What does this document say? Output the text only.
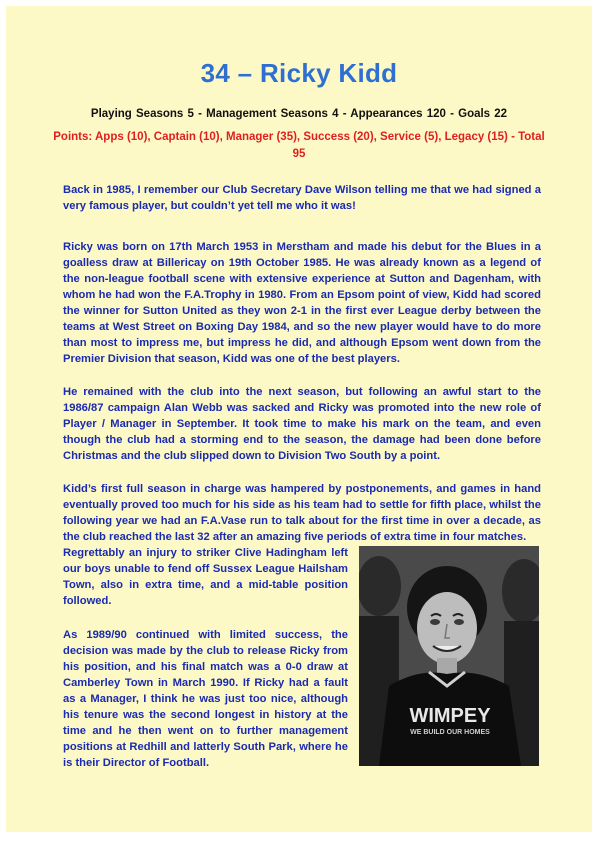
34 – Ricky Kidd
Playing Seasons 5 - Management Seasons 4 - Appearances 120 - Goals 22
Points: Apps (10), Captain (10), Manager (35), Success (20), Service (5), Legacy (15) - Total 95

Back in 1985, I remember our Club Secretary Dave Wilson telling me that we had signed a very famous player, but couldn’t yet tell me who it was!

Ricky was born on 17th March 1953 in Merstham and made his debut for the Blues in a goalless draw at Billericay on 19th October 1985. He was already known as a legend of the non-league football scene with extensive experience at Sutton and Dagenham, with whom he had won the F.A.Trophy in 1980. From an Epsom point of view, Kidd had scored the winner for Sutton United as they won 2-1 in the first ever League derby between the teams at West Street on Boxing Day 1984, and so the new player would have to do more than most to impress me, but impress he did, and although Epsom went down from the Premier Division that season, Kidd was one of the best players.

He remained with the club into the next season, but following an awful start to the 1986/87 campaign Alan Webb was sacked and Ricky was promoted into the new role of Player / Manager in September. It took time to make his mark on the team, and even though the club had a storming end to the season, the damage had been done before Christmas and the club slipped down to Division Two South by a point.

Kidd’s first full season in charge was hampered by postponements, and games in hand eventually proved too much for his side as his team had to settle for fifth place, whilst the following year we had an F.A.Vase run to talk about for the first time in over a decade, as the club reached the last 32 after an amazing five periods of extra time in four matches.

Regrettably an injury to striker Clive Hadingham left our boys unable to fend off Sussex League Hailsham Town, also in extra time, and a mid-table position followed.

As 1989/90 continued with limited success, the decision was made by the club to release Ricky from his position, and his final match was a 0-0 draw at Camberley Town in March 1990. If Ricky had a fault as a Manager, I think he was just too nice, although his tenure was the second longest in history at the time and he then went on to further management positions at Redhill and latterly South Park, where he is their Director of Football.

WIMPEY
WE BUILD OUR HOMES
